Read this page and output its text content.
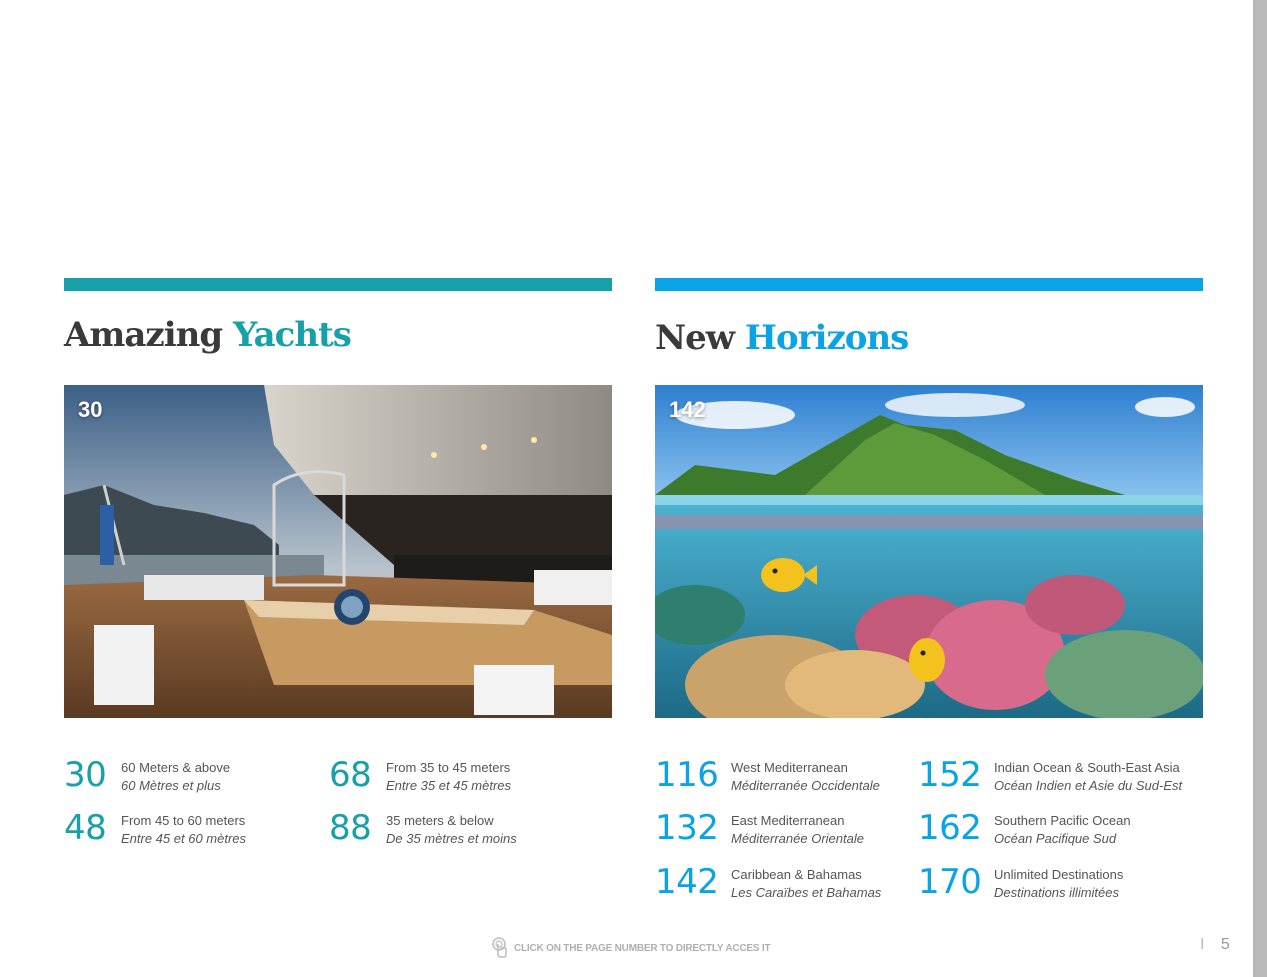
Amazing Yachts
30
30 60 Meters & above
60 Mètres et plus	68 From 35 to 45 meters
Entre 35 et 45 mètres
48 From 45 to 60 meters
Entre 45 et 60 mètres 88 35 meters & below
De 35 mètres et moins
New Horizons
142
116 West Mediterranean
Méditerranée Occidentale 152 Indian Ocean & South-East Asia
Océan Indien et Asie du Sud-Est
132 East Mediterranean
Méditerranée Orientale 162 Southern Pacific Ocean
Océan Pacifique Sud
142 Caribbean & Bahamas
Les Caraïbes et Bahamas 170 Unlimited Destinations
Destinations illimitées
CLICK ON THE PAGE NUMBER TO DIRECTLY ACCES IT	I 5
